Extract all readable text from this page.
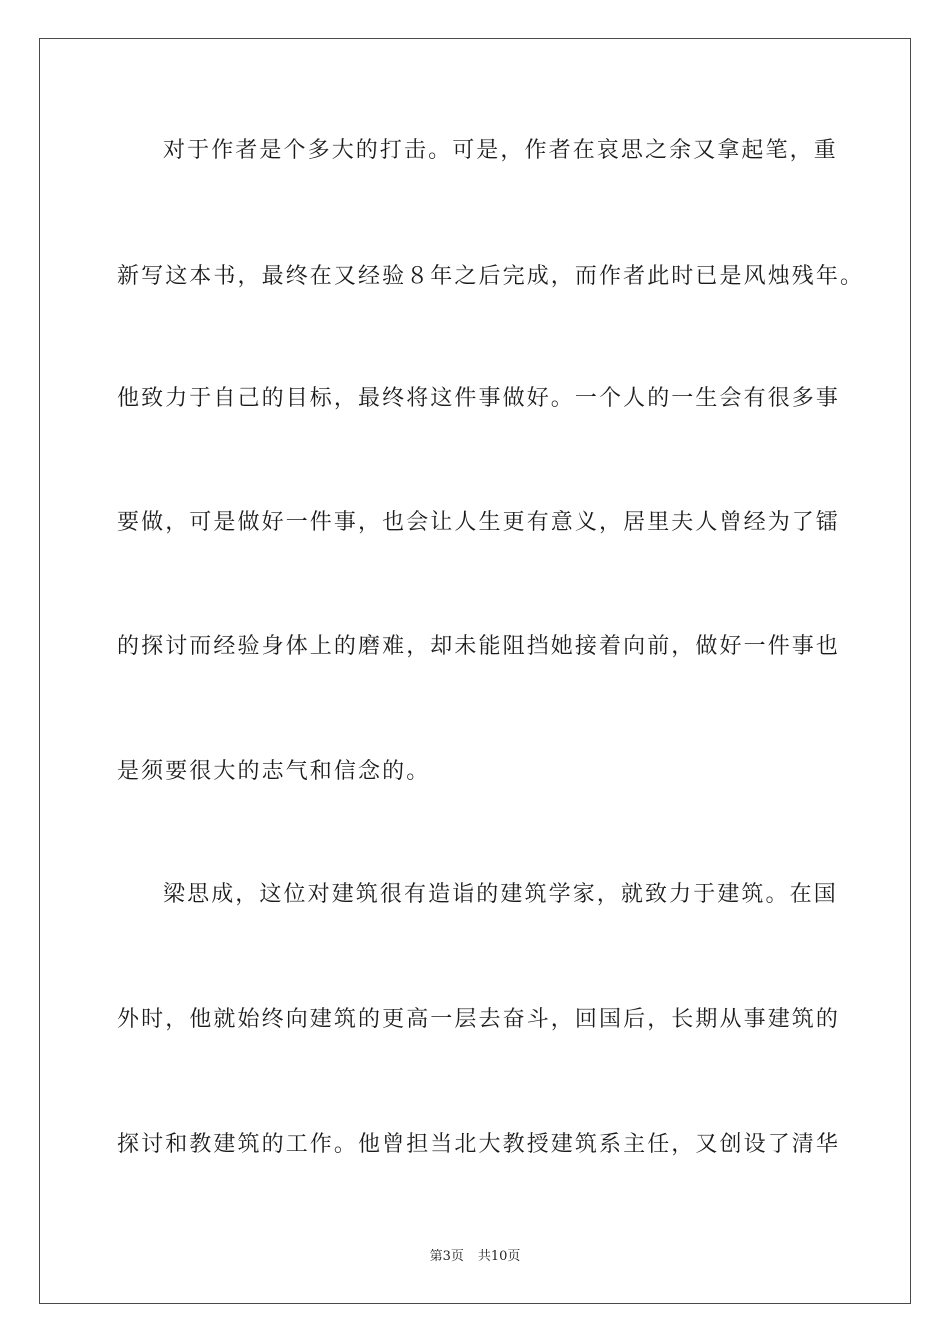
对于作者是个多大的打击。可是，作者在哀思之余又拿起笔，重
新写这本书，最终在又经验８年之后完成，而作者此时已是风烛残年。
他致力于自己的目标，最终将这件事做好。一个人的一生会有很多事
要做，可是做好一件事，也会让人生更有意义，居里夫人曾经为了镭
的探讨而经验身体上的磨难，却未能阻挡她接着向前，做好一件事也
是须要很大的志气和信念的。
梁思成，这位对建筑很有造诣的建筑学家，就致力于建筑。在国
外时，他就始终向建筑的更高一层去奋斗，回国后，长期从事建筑的
探讨和教建筑的工作。他曾担当北大教授建筑系主任，又创设了清华
第3页 共10页
